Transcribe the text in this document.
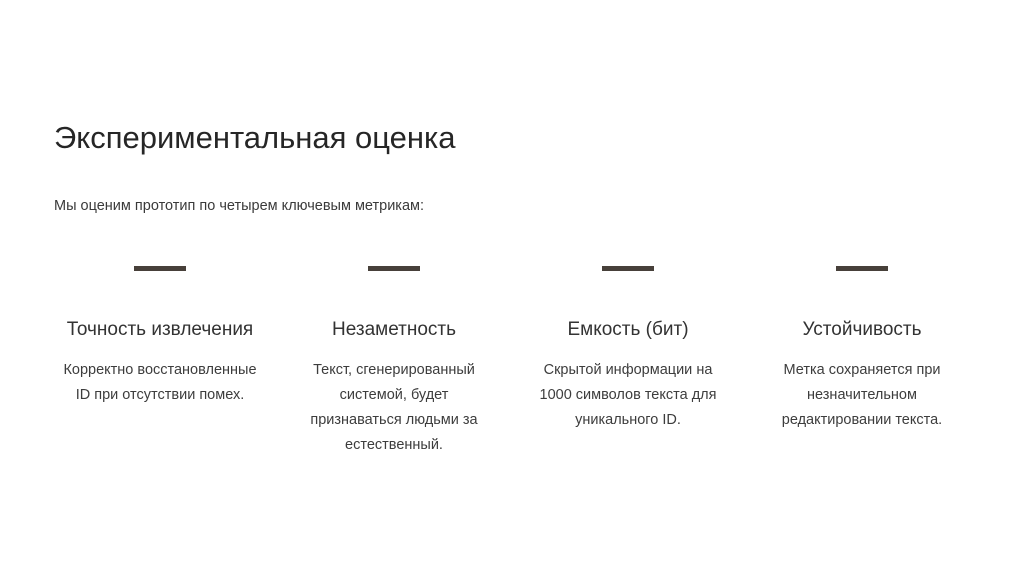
Экспериментальная оценка

Мы оценим прототип по четырем ключевым метрикам:

Точность извлечения
Корректно восстановленные ID при отсутствии помех.
Незаметность
Текст, сгенерированный системой, будет признаваться людьми за естественный.
Емкость (бит)
Скрытой информации на 1000 символов текста для уникального ID.
Устойчивость
Метка сохраняется при незначительном редактировании текста.
